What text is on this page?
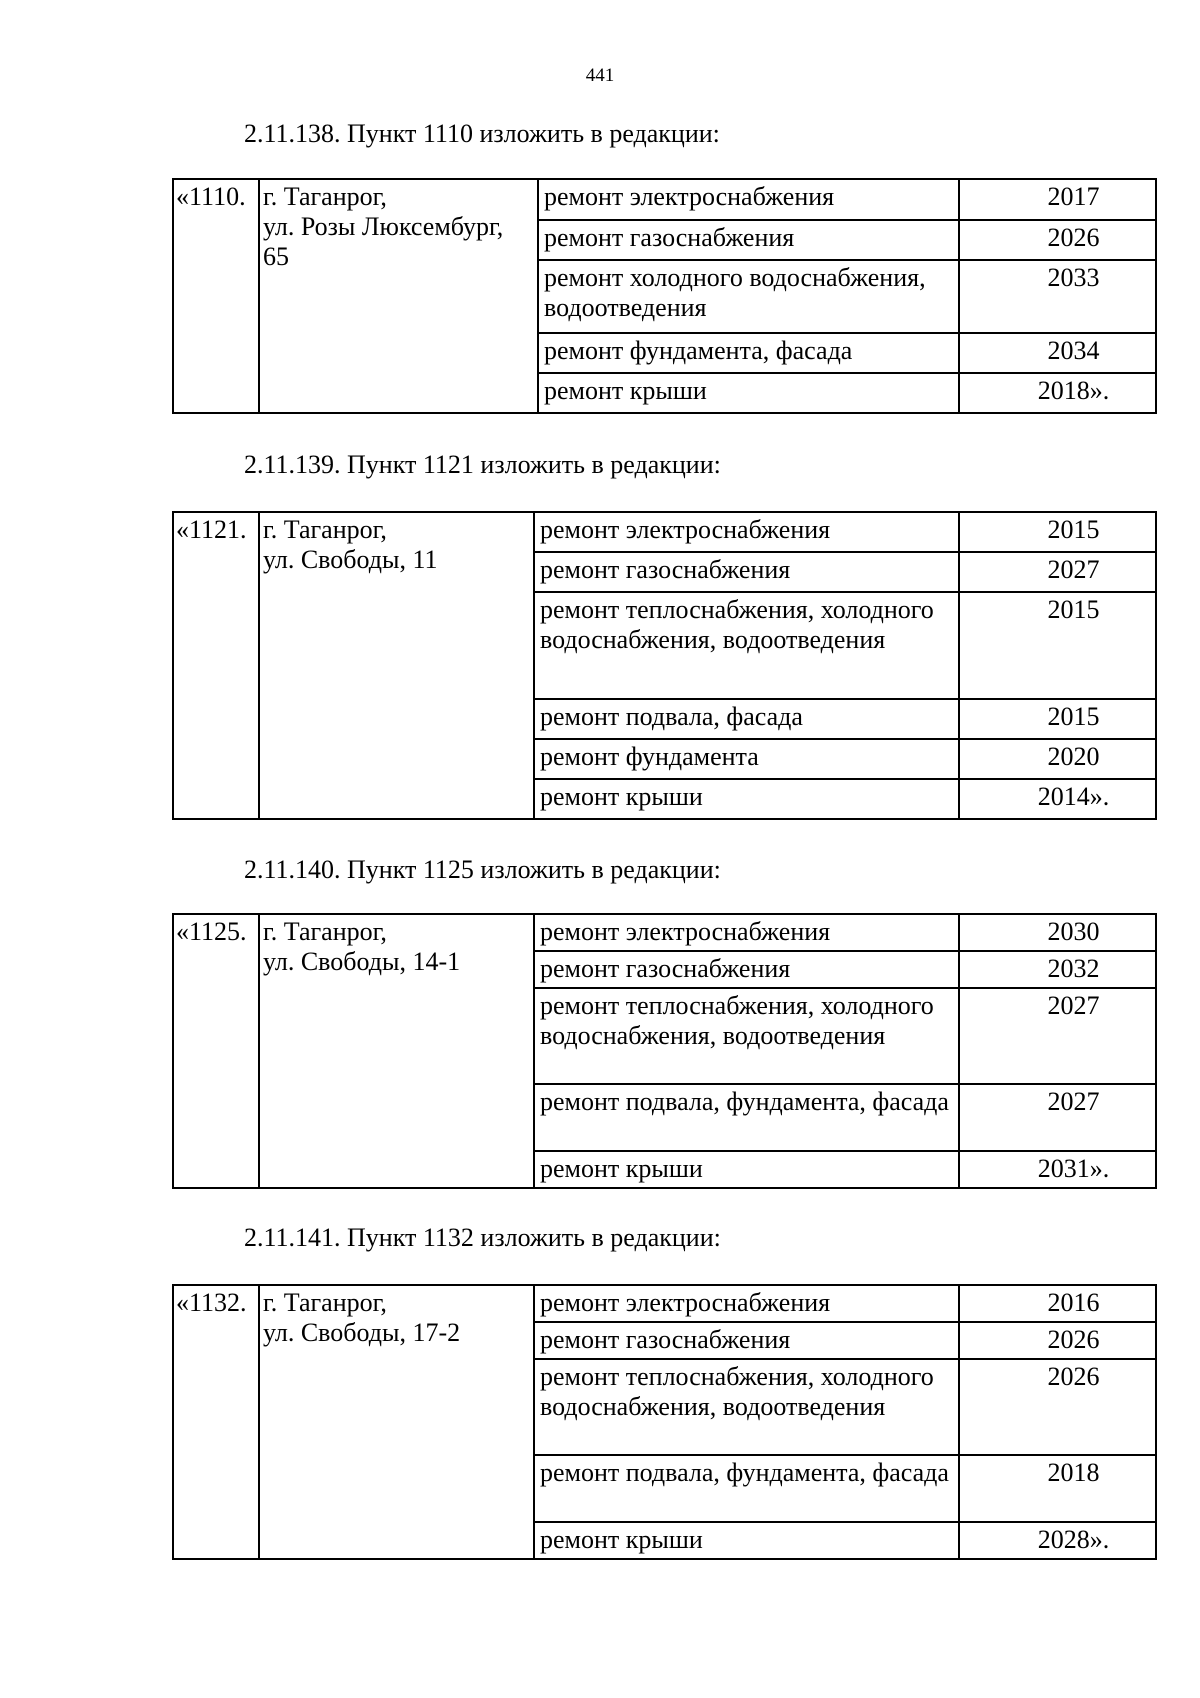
441
2.11.138. Пункт 1110 изложить в редакции:
«1110.	г. Таганрог,
ул. Розы Люксембург,
65	ремонт электроснабжения	2017
		ремонт газоснабжения	2026
		ремонт холодного водоснабжения, водоотведения	2033
		ремонт фундамента, фасада	2034
		ремонт крыши	2018».
2.11.139. Пункт 1121 изложить в редакции:
«1121.	г. Таганрог,
ул. Свободы, 11	ремонт электроснабжения	2015
		ремонт газоснабжения	2027
		ремонт теплоснабжения, холодного водоснабжения, водоотведения	2015
		ремонт подвала, фасада	2015
		ремонт фундамента	2020
		ремонт крыши	2014».
2.11.140. Пункт 1125 изложить в редакции:
«1125.	г. Таганрог,
ул. Свободы, 14-1	ремонт электроснабжения	2030
		ремонт газоснабжения	2032
		ремонт теплоснабжения, холодного водоснабжения, водоотведения	2027
		ремонт подвала, фундамента, фасада	2027
		ремонт крыши	2031».
2.11.141. Пункт 1132 изложить в редакции:
«1132.	г. Таганрог,
ул. Свободы, 17-2	ремонт электроснабжения	2016
		ремонт газоснабжения	2026
		ремонт теплоснабжения, холодного водоснабжения, водоотведения	2026
		ремонт подвала, фундамента, фасада	2018
		ремонт крыши	2028».
